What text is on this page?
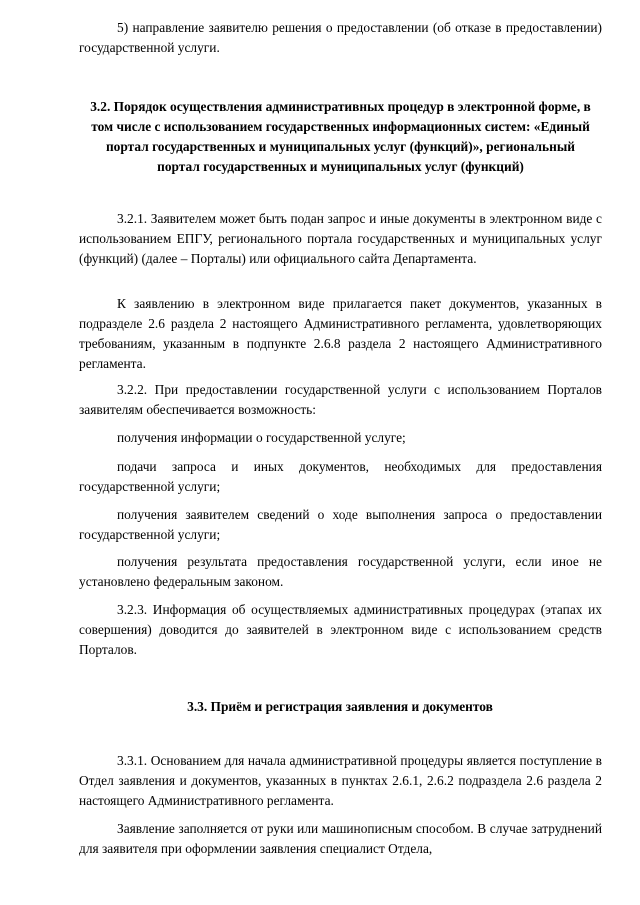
5) направление заявителю решения о предоставлении (об отказе в предоставлении) государственной услуги.

3.2. Порядок осуществления административных процедур в электронной форме, в том числе с использованием государственных информационных систем: «Единый портал государственных и муниципальных услуг (функций)», региональный портал государственных и муниципальных услуг (функций)

3.2.1. Заявителем может быть подан запрос и иные документы в электронном виде с использованием ЕПГУ, регионального портала государственных и муниципальных услуг (функций) (далее – Порталы) или официального сайта Департамента.

К заявлению в электронном виде прилагается пакет документов, указанных в подразделе 2.6 раздела 2 настоящего Административного регламента, удовлетворяющих требованиям, указанным в подпункте 2.6.8 раздела 2 настоящего Административного регламента.

3.2.2. При предоставлении государственной услуги с использованием Порталов заявителям обеспечивается возможность:

получения информации о государственной услуге;

подачи запроса и иных документов, необходимых для предоставления государственной услуги;

получения заявителем сведений о ходе выполнения запроса о предоставлении государственной услуги;

получения результата предоставления государственной услуги, если иное не установлено федеральным законом.

3.2.3. Информация об осуществляемых административных процедурах (этапах их совершения) доводится до заявителей в электронном виде с использованием средств Порталов.

3.3. Приём и регистрация заявления и документов

3.3.1. Основанием для начала административной процедуры является поступление в Отдел заявления и документов, указанных в пунктах 2.6.1, 2.6.2 подраздела 2.6 раздела 2 настоящего Административного регламента.

Заявление заполняется от руки или машинописным способом. В случае затруднений для заявителя при оформлении заявления специалист Отдела,
